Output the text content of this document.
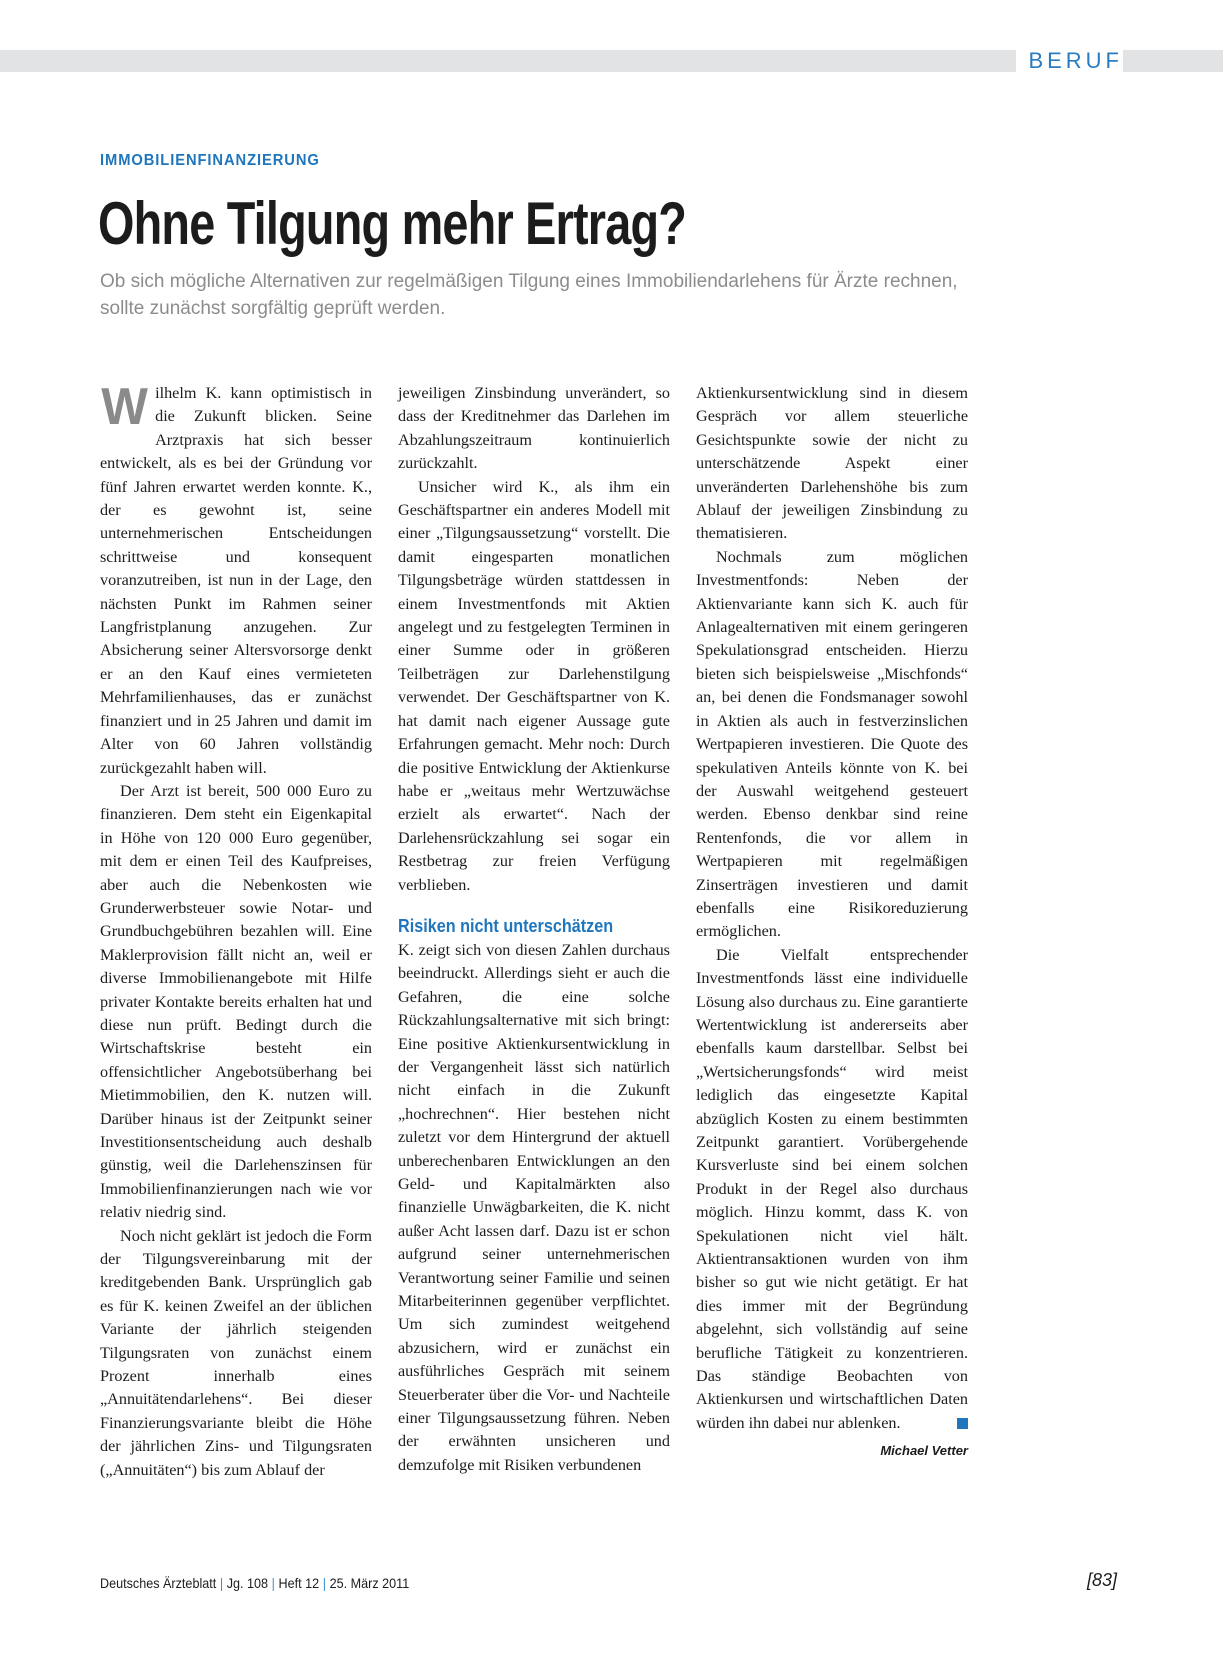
BERUF
IMMOBILIENFINANZIERUNG
Ohne Tilgung mehr Ertrag?

Ob sich mögliche Alternativen zur regelmäßigen Tilgung eines Immobiliendarlehens für Ärzte rechnen, sollte zunächst sorgfältig geprüft werden.

Wilhelm K. kann optimistisch in die Zukunft blicken. Seine Arztpraxis hat sich besser entwickelt, als es bei der Gründung vor fünf Jahren erwartet werden konnte. K., der es gewohnt ist, seine unternehmerischen Entscheidungen schrittweise und konsequent voranzutreiben, ist nun in der Lage, den nächsten Punkt im Rahmen seiner Langfristplanung anzugehen. Zur Absicherung seiner Altersvorsorge denkt er an den Kauf eines vermieteten Mehrfamilienhauses, das er zunächst finanziert und in 25 Jahren und damit im Alter von 60 Jahren vollständig zurückgezahlt haben will.

Der Arzt ist bereit, 500 000 Euro zu finanzieren. Dem steht ein Eigenkapital in Höhe von 120 000 Euro gegenüber, mit dem er einen Teil des Kaufpreises, aber auch die Nebenkosten wie Grunderwerbsteuer sowie Notar- und Grundbuchgebühren bezahlen will. Eine Maklerprovision fällt nicht an, weil er diverse Immobilienangebote mit Hilfe privater Kontakte bereits erhalten hat und diese nun prüft. Bedingt durch die Wirtschaftskrise besteht ein offensichtlicher Angebotsüberhang bei Mietimmobilien, den K. nutzen will. Darüber hinaus ist der Zeitpunkt seiner Investitionsentscheidung auch deshalb günstig, weil die Darlehenszinsen für Immobilienfinanzierungen nach wie vor relativ niedrig sind.

Noch nicht geklärt ist jedoch die Form der Tilgungsvereinbarung mit der kreditgebenden Bank. Ursprünglich gab es für K. keinen Zweifel an der üblichen Variante der jährlich steigenden Tilgungsraten von zunächst einem Prozent innerhalb eines „Annuitätendarlehens“. Bei dieser Finanzierungsvariante bleibt die Höhe der jährlichen Zins- und Tilgungsraten („Annuitäten“) bis zum Ablauf der

jeweiligen Zinsbindung unverändert, so dass der Kreditnehmer das Darlehen im Abzahlungszeitraum kontinuierlich zurückzahlt.

Unsicher wird K., als ihm ein Geschäftspartner ein anderes Modell mit einer „Tilgungsaussetzung“ vorstellt. Die damit eingesparten monatlichen Tilgungsbeträge würden stattdessen in einem Investmentfonds mit Aktien angelegt und zu festgelegten Terminen in einer Summe oder in größeren Teilbeträgen zur Darlehenstilgung verwendet. Der Geschäftspartner von K. hat damit nach eigener Aussage gute Erfahrungen gemacht. Mehr noch: Durch die positive Entwicklung der Aktienkurse habe er „weitaus mehr Wertzuwächse erzielt als erwartet“. Nach der Darlehensrückzahlung sei sogar ein Restbetrag zur freien Verfügung verblieben.

Risiken nicht unterschätzen

K. zeigt sich von diesen Zahlen durchaus beeindruckt. Allerdings sieht er auch die Gefahren, die eine solche Rückzahlungsalternative mit sich bringt: Eine positive Aktienkursentwicklung in der Vergangenheit lässt sich natürlich nicht einfach in die Zukunft „hochrechnen“. Hier bestehen nicht zuletzt vor dem Hintergrund der aktuell unberechenbaren Entwicklungen an den Geld- und Kapitalmärkten also finanzielle Unwägbarkeiten, die K. nicht außer Acht lassen darf. Dazu ist er schon aufgrund seiner unternehmerischen Verantwortung seiner Familie und seinen Mitarbeiterinnen gegenüber verpflichtet. Um sich zumindest weitgehend abzusichern, wird er zunächst ein ausführliches Gespräch mit seinem Steuerberater über die Vor- und Nachteile einer Tilgungsaussetzung führen. Neben der erwähnten unsicheren und demzufolge mit Risiken verbundenen

Aktienkursentwicklung sind in diesem Gespräch vor allem steuerliche Gesichtspunkte sowie der nicht zu unterschätzende Aspekt einer unveränderten Darlehenshöhe bis zum Ablauf der jeweiligen Zinsbindung zu thematisieren.

Nochmals zum möglichen Investmentfonds: Neben der Aktienvariante kann sich K. auch für Anlagealternativen mit einem geringeren Spekulationsgrad entscheiden. Hierzu bieten sich beispielsweise „Mischfonds“ an, bei denen die Fondsmanager sowohl in Aktien als auch in festverzinslichen Wertpapieren investieren. Die Quote des spekulativen Anteils könnte von K. bei der Auswahl weitgehend gesteuert werden. Ebenso denkbar sind reine Rentenfonds, die vor allem in Wertpapieren mit regelmäßigen Zinserträgen investieren und damit ebenfalls eine Risikoreduzierung ermöglichen.

Die Vielfalt entsprechender Investmentfonds lässt eine individuelle Lösung also durchaus zu. Eine garantierte Wertentwicklung ist andererseits aber ebenfalls kaum darstellbar. Selbst bei „Wertsicherungsfonds“ wird meist lediglich das eingesetzte Kapital abzüglich Kosten zu einem bestimmten Zeitpunkt garantiert. Vorübergehende Kursverluste sind bei einem solchen Produkt in der Regel also durchaus möglich. Hinzu kommt, dass K. von Spekulationen nicht viel hält. Aktientransaktionen wurden von ihm bisher so gut wie nicht getätigt. Er hat dies immer mit der Begründung abgelehnt, sich vollständig auf seine berufliche Tätigkeit zu konzentrieren. Das ständige Beobachten von Aktienkursen und wirtschaftlichen Daten würden ihn dabei nur ablenken.

Michael Vetter
Deutsches Ärzteblatt | Jg. 108 | Heft 12 | 25. März 2011	[83]
